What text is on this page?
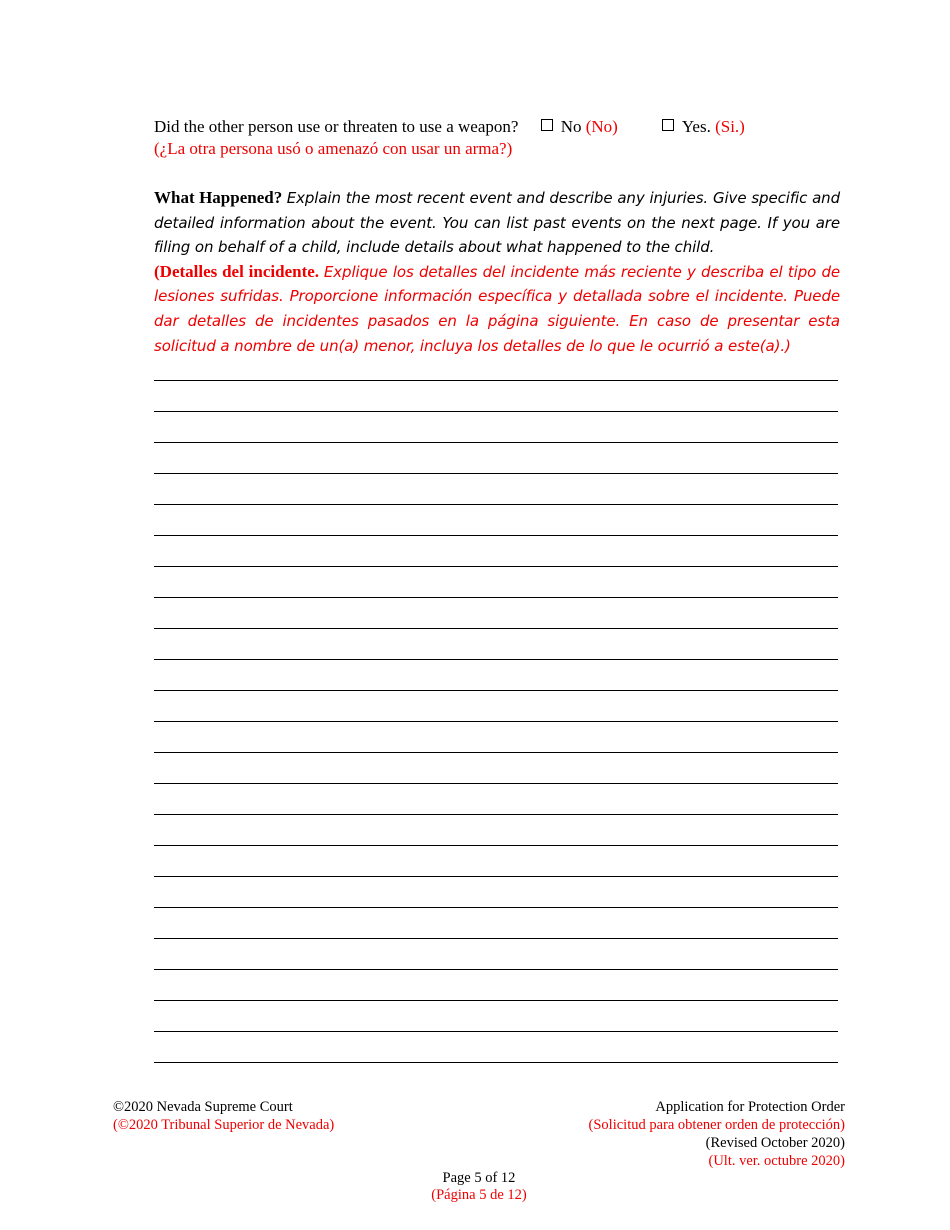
Did the other person use or threaten to use a weapon? No (No)	Yes. (Si.)
(¿La otra persona usó o amenazó con usar un arma?)

What Happened? Explain the most recent event and describe any injuries. Give specific and detailed information about the event. You can list past events on the next page. If you are filing on behalf of a child, include details about what happened to the child.

(Detalles del incidente. Explique los detalles del incidente más reciente y describa el tipo de lesiones sufridas. Proporcione información específica y detallada sobre el incidente. Puede dar detalles de incidentes pasados en la página siguiente. En caso de presentar esta solicitud a nombre de un(a) menor, incluya los detalles de lo que le ocurrió a este(a).)

©2020 Nevada Supreme Court
(©2020 Tribunal Superior de Nevada)
Application for Protection Order
(Solicitud para obtener orden de protección)
(Revised October 2020)
(Ult. ver. octubre 2020)
Page 5 of 12
(Página 5 de 12)
